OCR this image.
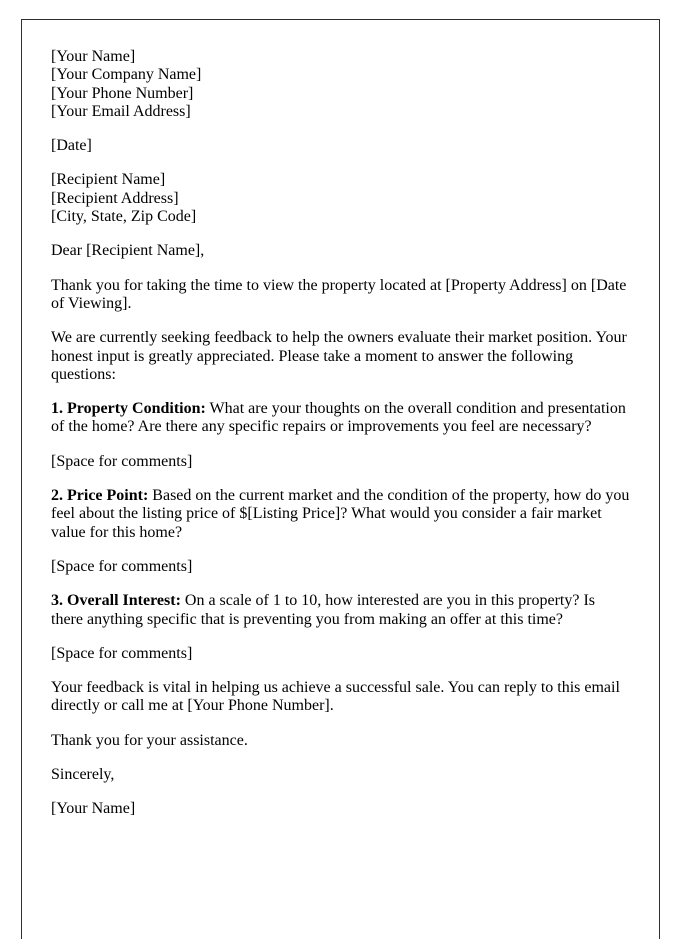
[Your Name]
[Your Company Name]
[Your Phone Number]
[Your Email Address]

[Date]

[Recipient Name]
[Recipient Address]
[City, State, Zip Code]

Dear [Recipient Name],

Thank you for taking the time to view the property located at [Property Address] on [Date of Viewing].

We are currently seeking feedback to help the owners evaluate their market position. Your honest input is greatly appreciated. Please take a moment to answer the following questions:

1. Property Condition: What are your thoughts on the overall condition and presentation of the home? Are there any specific repairs or improvements you feel are necessary?

[Space for comments]

2. Price Point: Based on the current market and the condition of the property, how do you feel about the listing price of $[Listing Price]? What would you consider a fair market value for this home?

[Space for comments]

3. Overall Interest: On a scale of 1 to 10, how interested are you in this property? Is there anything specific that is preventing you from making an offer at this time?

[Space for comments]

Your feedback is vital in helping us achieve a successful sale. You can reply to this email directly or call me at [Your Phone Number].

Thank you for your assistance.

Sincerely,

[Your Name]
